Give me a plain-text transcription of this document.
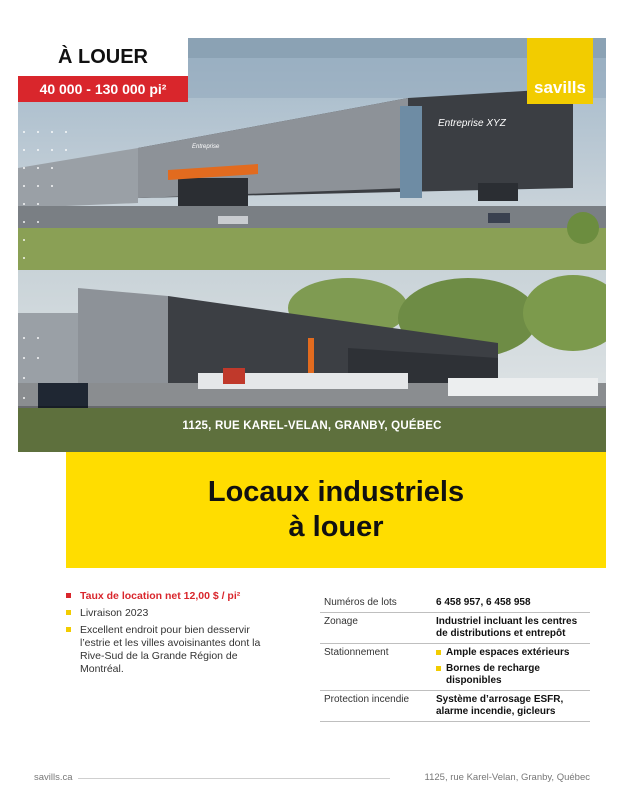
Entreprise XYZ
Entreprise
À LOUER
40 000 - 130 000 pi²	savills
1125, RUE KAREL-VELAN, GRANBY, QUÉBEC
Locaux industriels
à louer
Taux de location net 12,00 $ / pi²
Livraison 2023
Excellent endroit pour bien desservir l’estrie et les villes avoisinantes dont la Rive-Sud de la Grande Région de Montréal.
Numéros de lots	6 458 957, 6 458 958
Zonage	Industriel incluant les centres de distributions et entrepôt
Stationnement	Ample espaces extérieurs
Bornes de recharge disponibles
Protection incendie	Système d’arrosage ESFR, alarme incendie, gicleurs
savills.ca	1125, rue Karel-Velan, Granby, Québec
